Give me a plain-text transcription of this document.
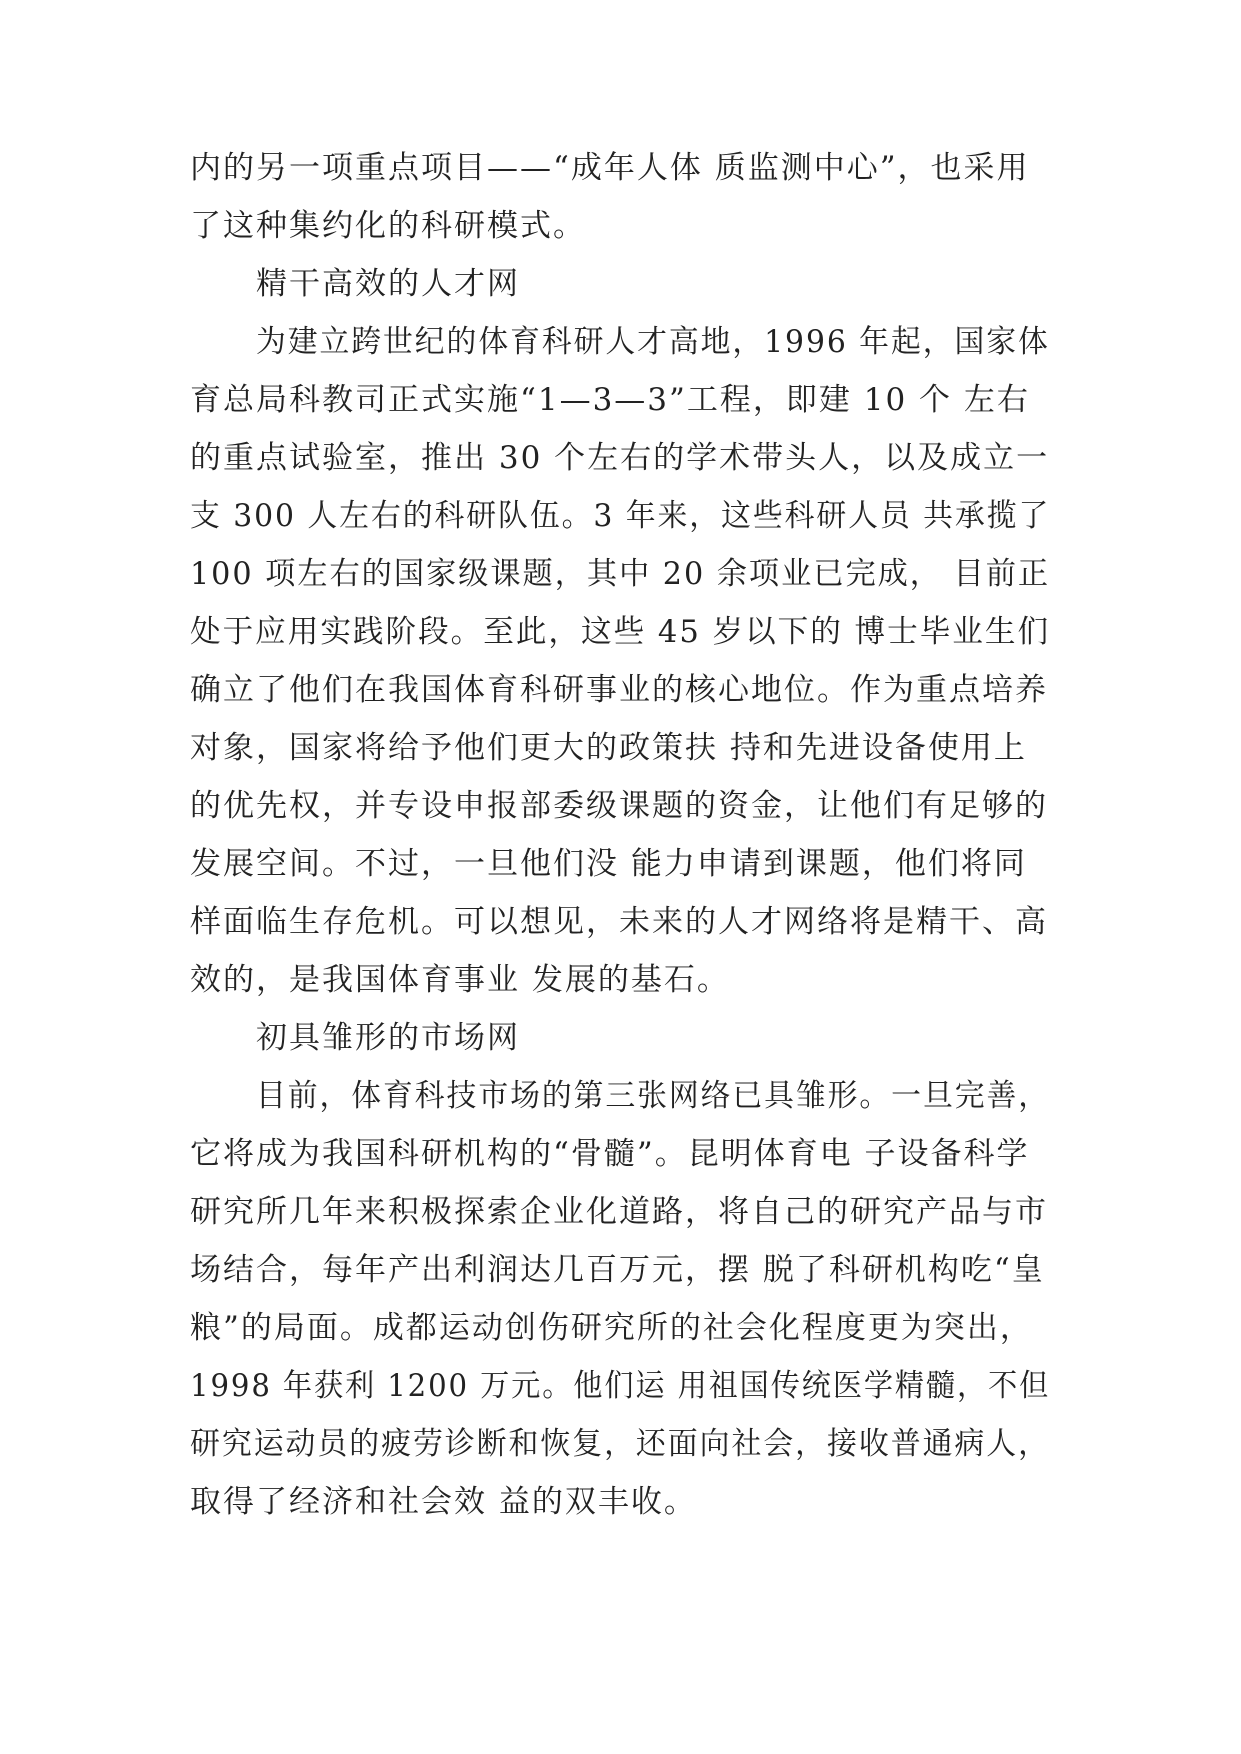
内的另一项重点项目——“成年人体 质监测中心”，也采用
了这种集约化的科研模式。
精干高效的人才网
为建立跨世纪的体育科研人才高地，1996 年起，国家体
育总局科教司正式实施“1—3—3”工程，即建 10 个 左右
的重点试验室，推出 30 个左右的学术带头人，以及成立一
支 300 人左右的科研队伍。3 年来，这些科研人员 共承揽了
100 项左右的国家级课题，其中 20 余项业已完成， 目前正
处于应用实践阶段。至此，这些 45 岁以下的 博士毕业生们
确立了他们在我国体育科研事业的核心地位。作为重点培养
对象，国家将给予他们更大的政策扶 持和先进设备使用上
的优先权，并专设申报部委级课题的资金，让他们有足够的
发展空间。不过，一旦他们没 能力申请到课题，他们将同
样面临生存危机。可以想见，未来的人才网络将是精干、高
效的，是我国体育事业 发展的基石。
初具雏形的市场网
目前，体育科技市场的第三张网络已具雏形。一旦完善，
它将成为我国科研机构的“骨髓”。昆明体育电 子设备科学
研究所几年来积极探索企业化道路，将自己的研究产品与市
场结合，每年产出利润达几百万元，摆 脱了科研机构吃“皇
粮”的局面。成都运动创伤研究所的社会化程度更为突出，
1998 年获利 1200 万元。他们运 用祖国传统医学精髓，不但
研究运动员的疲劳诊断和恢复，还面向社会，接收普通病人，
取得了经济和社会效 益的双丰收。
